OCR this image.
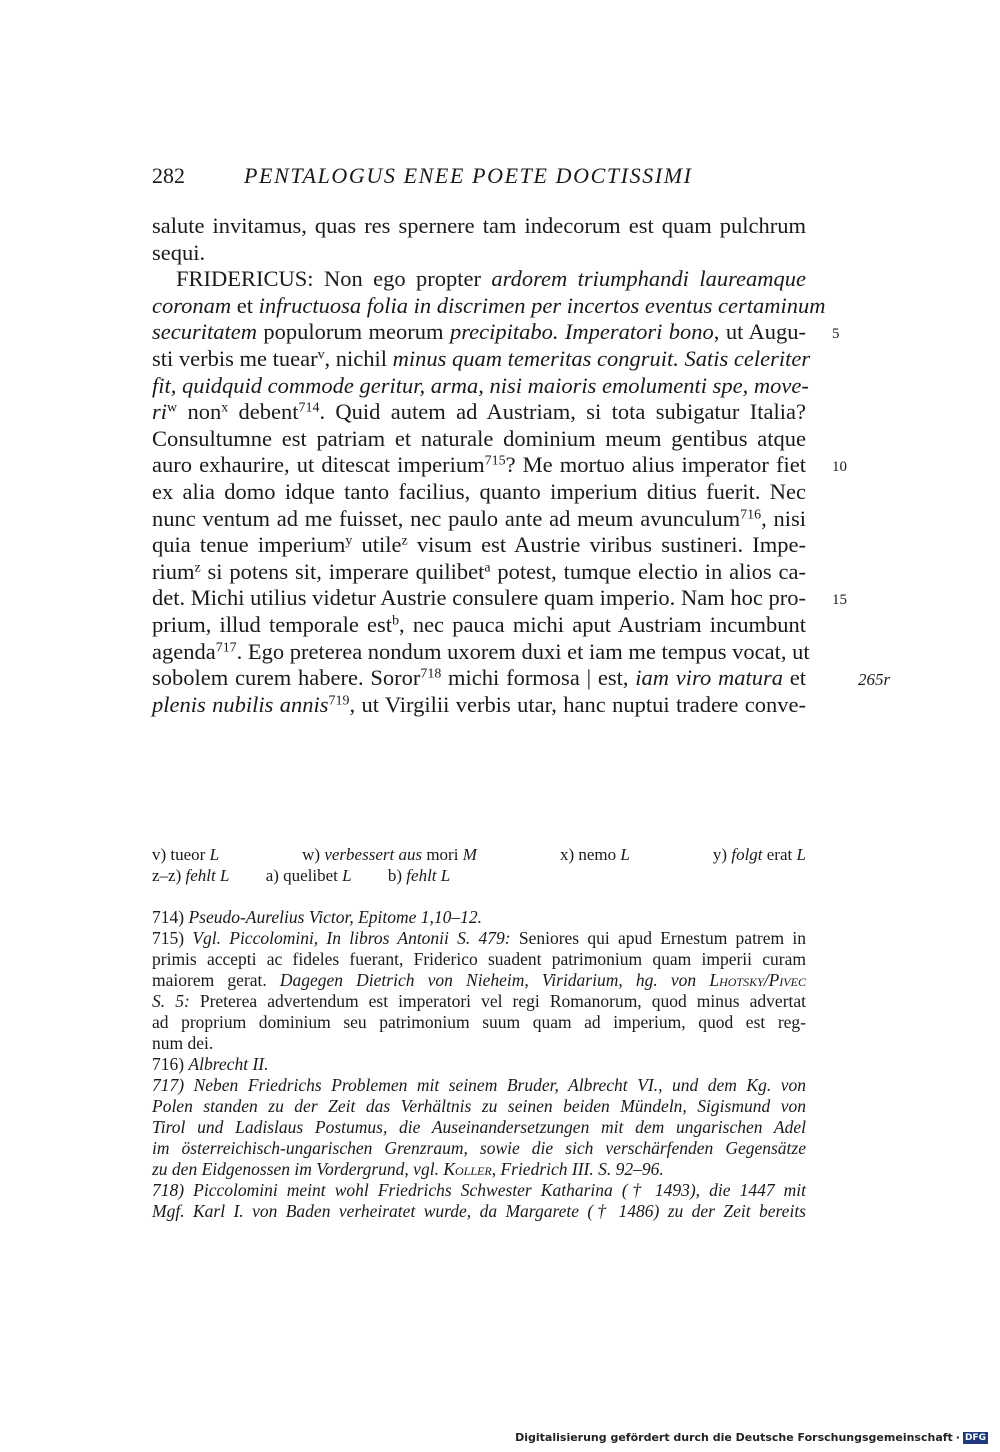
282	PENTALOGUS ENEE POETE DOCTISSIMI
salute invitamus, quas res spernere tam indecorum est quam pulchrum
sequi.
FRIDERICUS: Non ego propter ardorem triumphandi laureamque
coronam et infructuosa folia in discrimen per incertos eventus certaminum
securitatem populorum meorum precipitabo. Imperatori bono, ut Augu-
sti verbis me tuear$^v$, nichil minus quam temeritas congruit. Satis celeriter
fit, quidquid commode geritur, arma, nisi maioris emolumenti spe, move-
$ri^w$ non$^x$ debent$^{714}$. Quid autem ad Austriam, si tota subigatur Italia?
Consultumne est patriam et naturale dominium meum gentibus atque
auro exhaurire, ut ditescat imperium$^{715}$? Me mortuo alius imperator fiet
ex alia domo idque tanto facilius, quanto imperium ditius fuerit. Nec
nunc ventum ad me fuisset, nec paulo ante ad meum avunculum$^{716}$, nisi
quia tenue imperium$^y$ utile$^z$ visum est Austrie viribus sustineri. Impe-
rium$^z$ si potens sit, imperare quilibet$^a$ potest, tumque electio in alios ca-
det. Michi utilius videtur Austrie consulere quam imperio. Nam hoc pro-
prium, illud temporale est$^b$, nec pauca michi aput Austriam incumbunt
agenda$^{717}$. Ego preterea nondum uxorem duxi et iam me tempus vocat, ut
sobolem curem habere. Soror$^{718}$ michi formosa | est, iam viro matura et
plenis nubilis annis$^{719}$, ut Virgilii verbis utar, hanc nuptui tradere conve-
5
10
15
265r
v) tueor L	w) verbessert aus mori M	x) nemo L	y) folgt erat L
z–z) fehlt L a) quelibet L b) fehlt L
714) Pseudo-Aurelius Victor, Epitome 1,10–12.
715) Vgl. Piccolomini, In libros Antonii S. 479: Seniores qui apud Ernestum patrem in
primis accepti ac fideles fuerant, Friderico suadent patrimonium quam imperii curam
maiorem gerat. Dagegen Dietrich von Nieheim, Viridarium, hg. von Lhotsky/Pivec
S. 5: Preterea advertendum est imperatori vel regi Romanorum, quod minus advertat
ad proprium dominium seu patrimonium suum quam ad imperium, quod est reg-
num dei.
716) Albrecht II.
717) Neben Friedrichs Problemen mit seinem Bruder, Albrecht VI., und dem Kg. von
Polen standen zu der Zeit das Verhältnis zu seinen beiden Mündeln, Sigismund von
Tirol und Ladislaus Postumus, die Auseinandersetzungen mit dem ungarischen Adel
im österreichisch-ungarischen Grenzraum, sowie die sich verschärfenden Gegensätze
zu den Eidgenossen im Vordergrund, vgl. Koller, Friedrich III. S. 92–96.
718) Piccolomini meint wohl Friedrichs Schwester Katharina († 1493), die 1447 mit
Mgf. Karl I. von Baden verheiratet wurde, da Margarete († 1486) zu der Zeit bereits
Digitalisierung gefördert durch die Deutsche Forschungsgemeinschaft · DFG
